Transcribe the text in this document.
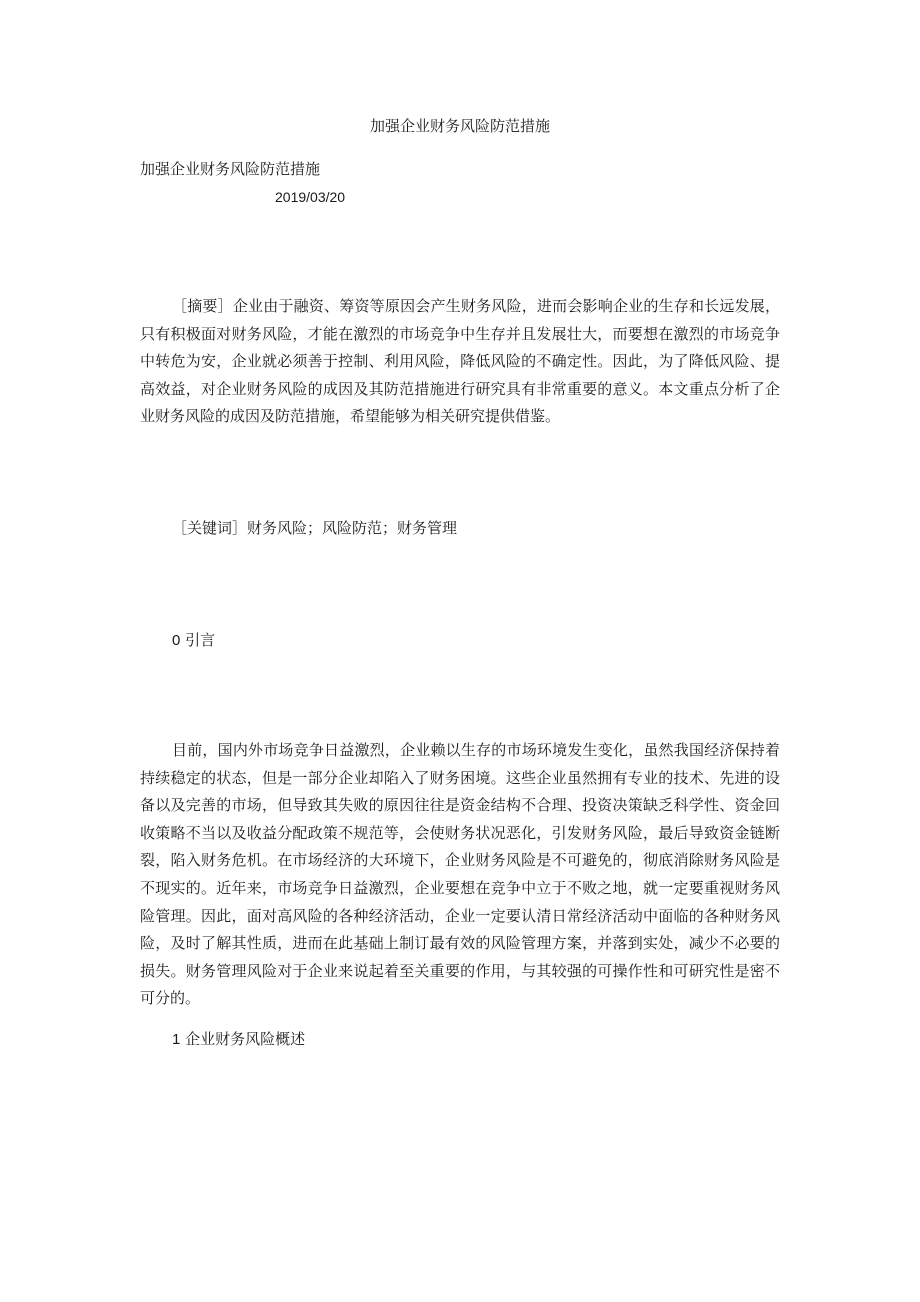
加强企业财务风险防范措施
加强企业财务风险防范措施
2019/03/20

［摘要］企业由于融资、筹资等原因会产生财务风险，进而会影响企业的生存和长远发展，只有积极面对财务风险，才能在激烈的市场竞争中生存并且发展壮大，而要想在激烈的市场竞争中转危为安，企业就必须善于控制、利用风险，降低风险的不确定性。因此，为了降低风险、提高效益，对企业财务风险的成因及其防范措施进行研究具有非常重要的意义。本文重点分析了企业财务风险的成因及防范措施，希望能够为相关研究提供借鉴。

［关键词］财务风险；风险防范；财务管理

0 引言

目前，国内外市场竞争日益激烈，企业赖以生存的市场环境发生变化，虽然我国经济保持着持续稳定的状态，但是一部分企业却陷入了财务困境。这些企业虽然拥有专业的技术、先进的设备以及完善的市场，但导致其失败的原因往往是资金结构不合理、投资决策缺乏科学性、资金回收策略不当以及收益分配政策不规范等，会使财务状况恶化，引发财务风险，最后导致资金链断裂，陷入财务危机。在市场经济的大环境下，企业财务风险是不可避免的，彻底消除财务风险是不现实的。近年来，市场竞争日益激烈，企业要想在竞争中立于不败之地，就一定要重视财务风险管理。因此，面对高风险的各种经济活动，企业一定要认清日常经济活动中面临的各种财务风险，及时了解其性质，进而在此基础上制订最有效的风险管理方案，并落到实处，减少不必要的损失。财务管理风险对于企业来说起着至关重要的作用，与其较强的可操作性和可研究性是密不可分的。

1 企业财务风险概述
